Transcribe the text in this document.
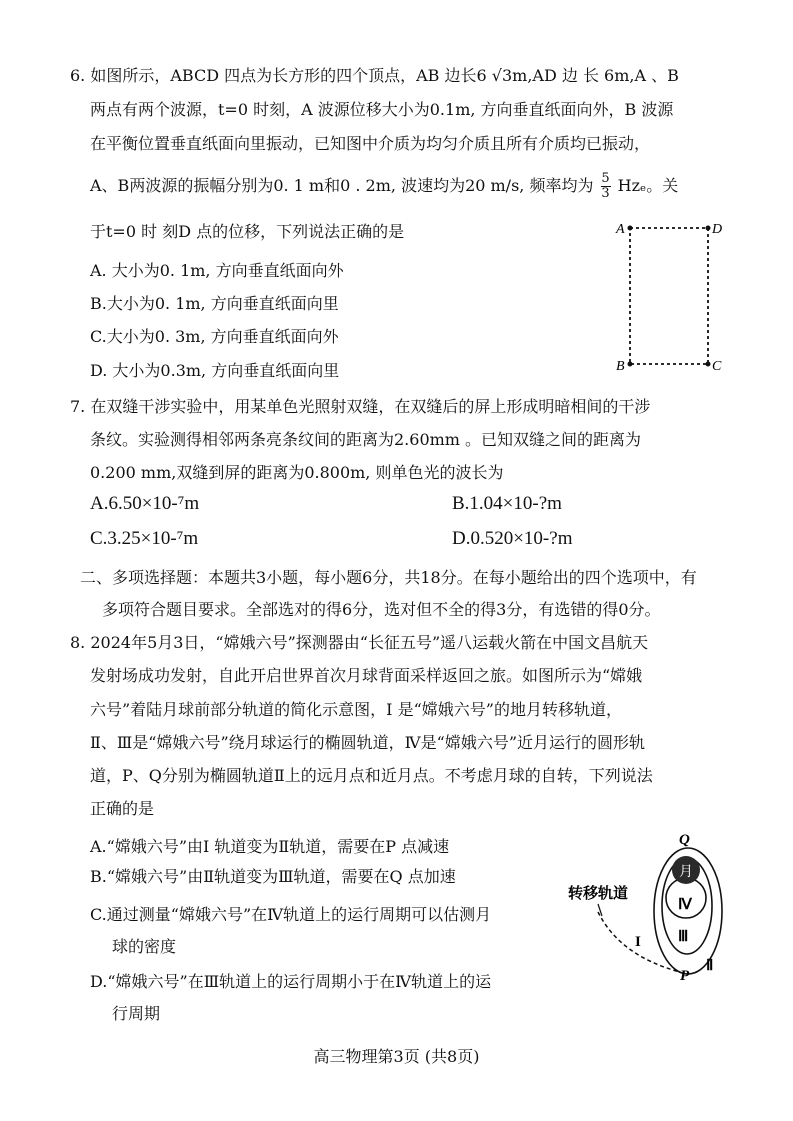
6. 如图所示，ABCD 四点为长方形的四个顶点，AB 边长6 √3m,AD 边 长 6m,A 、B
两点有两个波源，t=0 时刻，A 波源位移大小为0.1m, 方向垂直纸面向外，B 波源
在平衡位置垂直纸面向里振动，已知图中介质为均匀介质且所有介质均已振动，
A、B两波源的振幅分别为0. 1 m和0 . 2m, 波速均为20 m/s, 频率均为 $\frac{5}{3}$ Hzₑ。关
于t=0 时 刻D 点的位移，下列说法正确的是
A. 大小为0. 1m, 方向垂直纸面向外
B.大小为0. 1m, 方向垂直纸面向里
C.大小为0. 3m, 方向垂直纸面向外
D. 大小为0.3m, 方向垂直纸面向里
A	D
B	C
7. 在双缝干涉实验中，用某单色光照射双缝，在双缝后的屏上形成明暗相间的干涉
条纹。实验测得相邻两条亮条纹间的距离为2.60mm 。已知双缝之间的距离为
0.200 mm,双缝到屏的距离为0.800m, 则单色光的波长为
A.6.50×10-⁷m	B.1.04×10-?m
C.3.25×10-⁷m	D.0.520×10-?m
二、多项选择题：本题共3小题，每小题6分，共18分。在每小题给出的四个选项中，有
多项符合题目要求。全部选对的得6分，选对但不全的得3分，有选错的得0分。
8. 2024年5月3日，“嫦娥六号”探测器由“长征五号”遥八运载火箭在中国文昌航天
发射场成功发射，自此开启世界首次月球背面采样返回之旅。如图所示为“嫦娥
六号”着陆月球前部分轨道的简化示意图，I 是“嫦娥六号”的地月转移轨道，
Ⅱ、Ⅲ是“嫦娥六号”绕月球运行的椭圆轨道，Ⅳ是“嫦娥六号”近月运行的圆形轨
道，P、Q分别为椭圆轨道Ⅱ上的远月点和近月点。不考虑月球的自转，下列说法
正确的是
A.“嫦娥六号”由I 轨道变为Ⅱ轨道，需要在P 点减速
B.“嫦娥六号”由Ⅱ轨道变为Ⅲ轨道，需要在Q 点加速
C.通过测量“嫦娥六号”在Ⅳ轨道上的运行周期可以估测月
球的密度
D.“嫦娥六号”在Ⅲ轨道上的运行周期小于在Ⅳ轨道上的运
行周期
月
转移轨道
Q
P
Ⅳ
Ⅲ
Ⅱ
I
高三物理第3页 (共8页)
